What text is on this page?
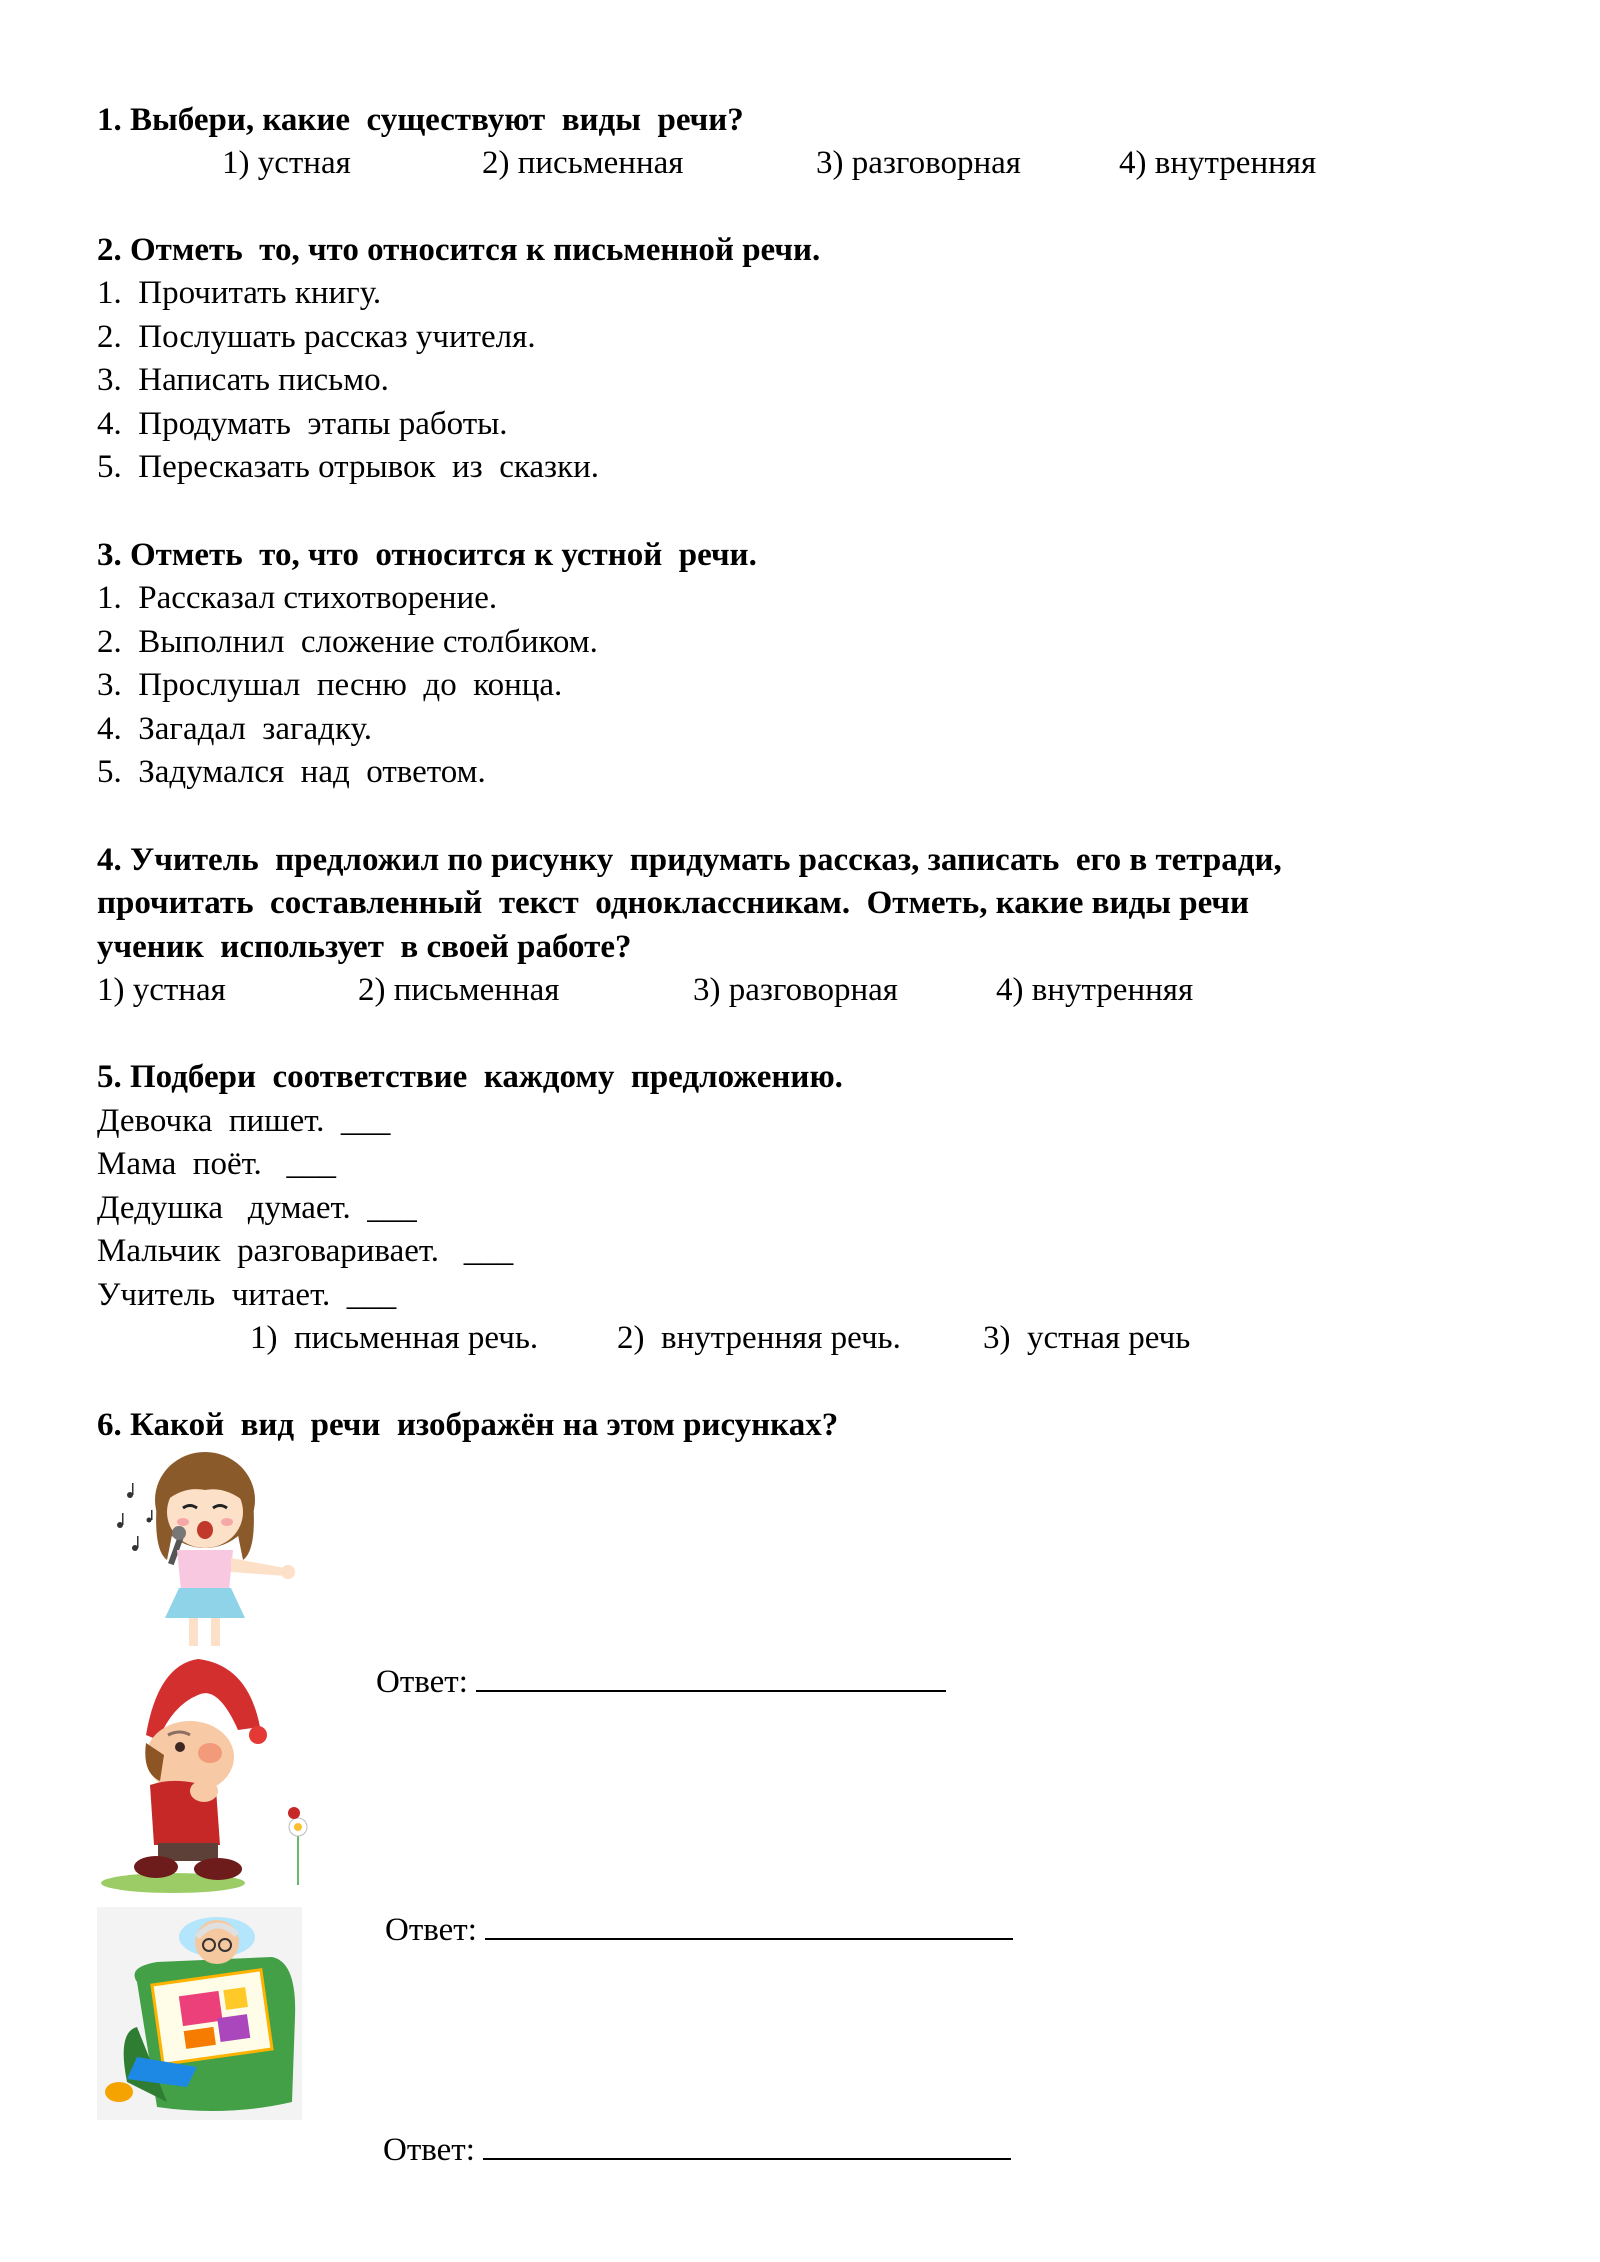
1. Выбери, какие  существуют  виды  речи?
1) устная	2) письменная	3) разговорная	4) внутренняя
2. Отметь  то, что относится к письменной речи.
1.  Прочитать книгу.
2.  Послушать рассказ учителя.
3.  Написать письмо.
4.  Продумать  этапы работы.
5.  Пересказать отрывок  из  сказки.
3. Отметь  то, что  относится к устной  речи.
1.  Рассказал стихотворение.
2.  Выполнил  сложение столбиком.
3.  Прослушал  песню  до  конца.
4.  Загадал  загадку.
5.  Задумался  над  ответом.
4. Учитель  предложил по рисунку  придумать рассказ, записать  его в тетради,
прочитать  составленный  текст  одноклассникам.  Отметь, какие виды речи
ученик  использует  в своей работе?
1) устная	2) письменная	3) разговорная	4) внутренняя
5. Подбери  соответствие  каждому  предложению.
Девочка  пишет.  ___
Мама  поёт.   ___
Дедушка   думает.  ___
Мальчик  разговаривает.   ___
Учитель  читает.  ___
1)  письменная речь. 2)  внутренняя речь. 3)  устная речь
6. Какой  вид  речи  изображён на этом рисунках?

Ответ:

Ответ:

Ответ:
